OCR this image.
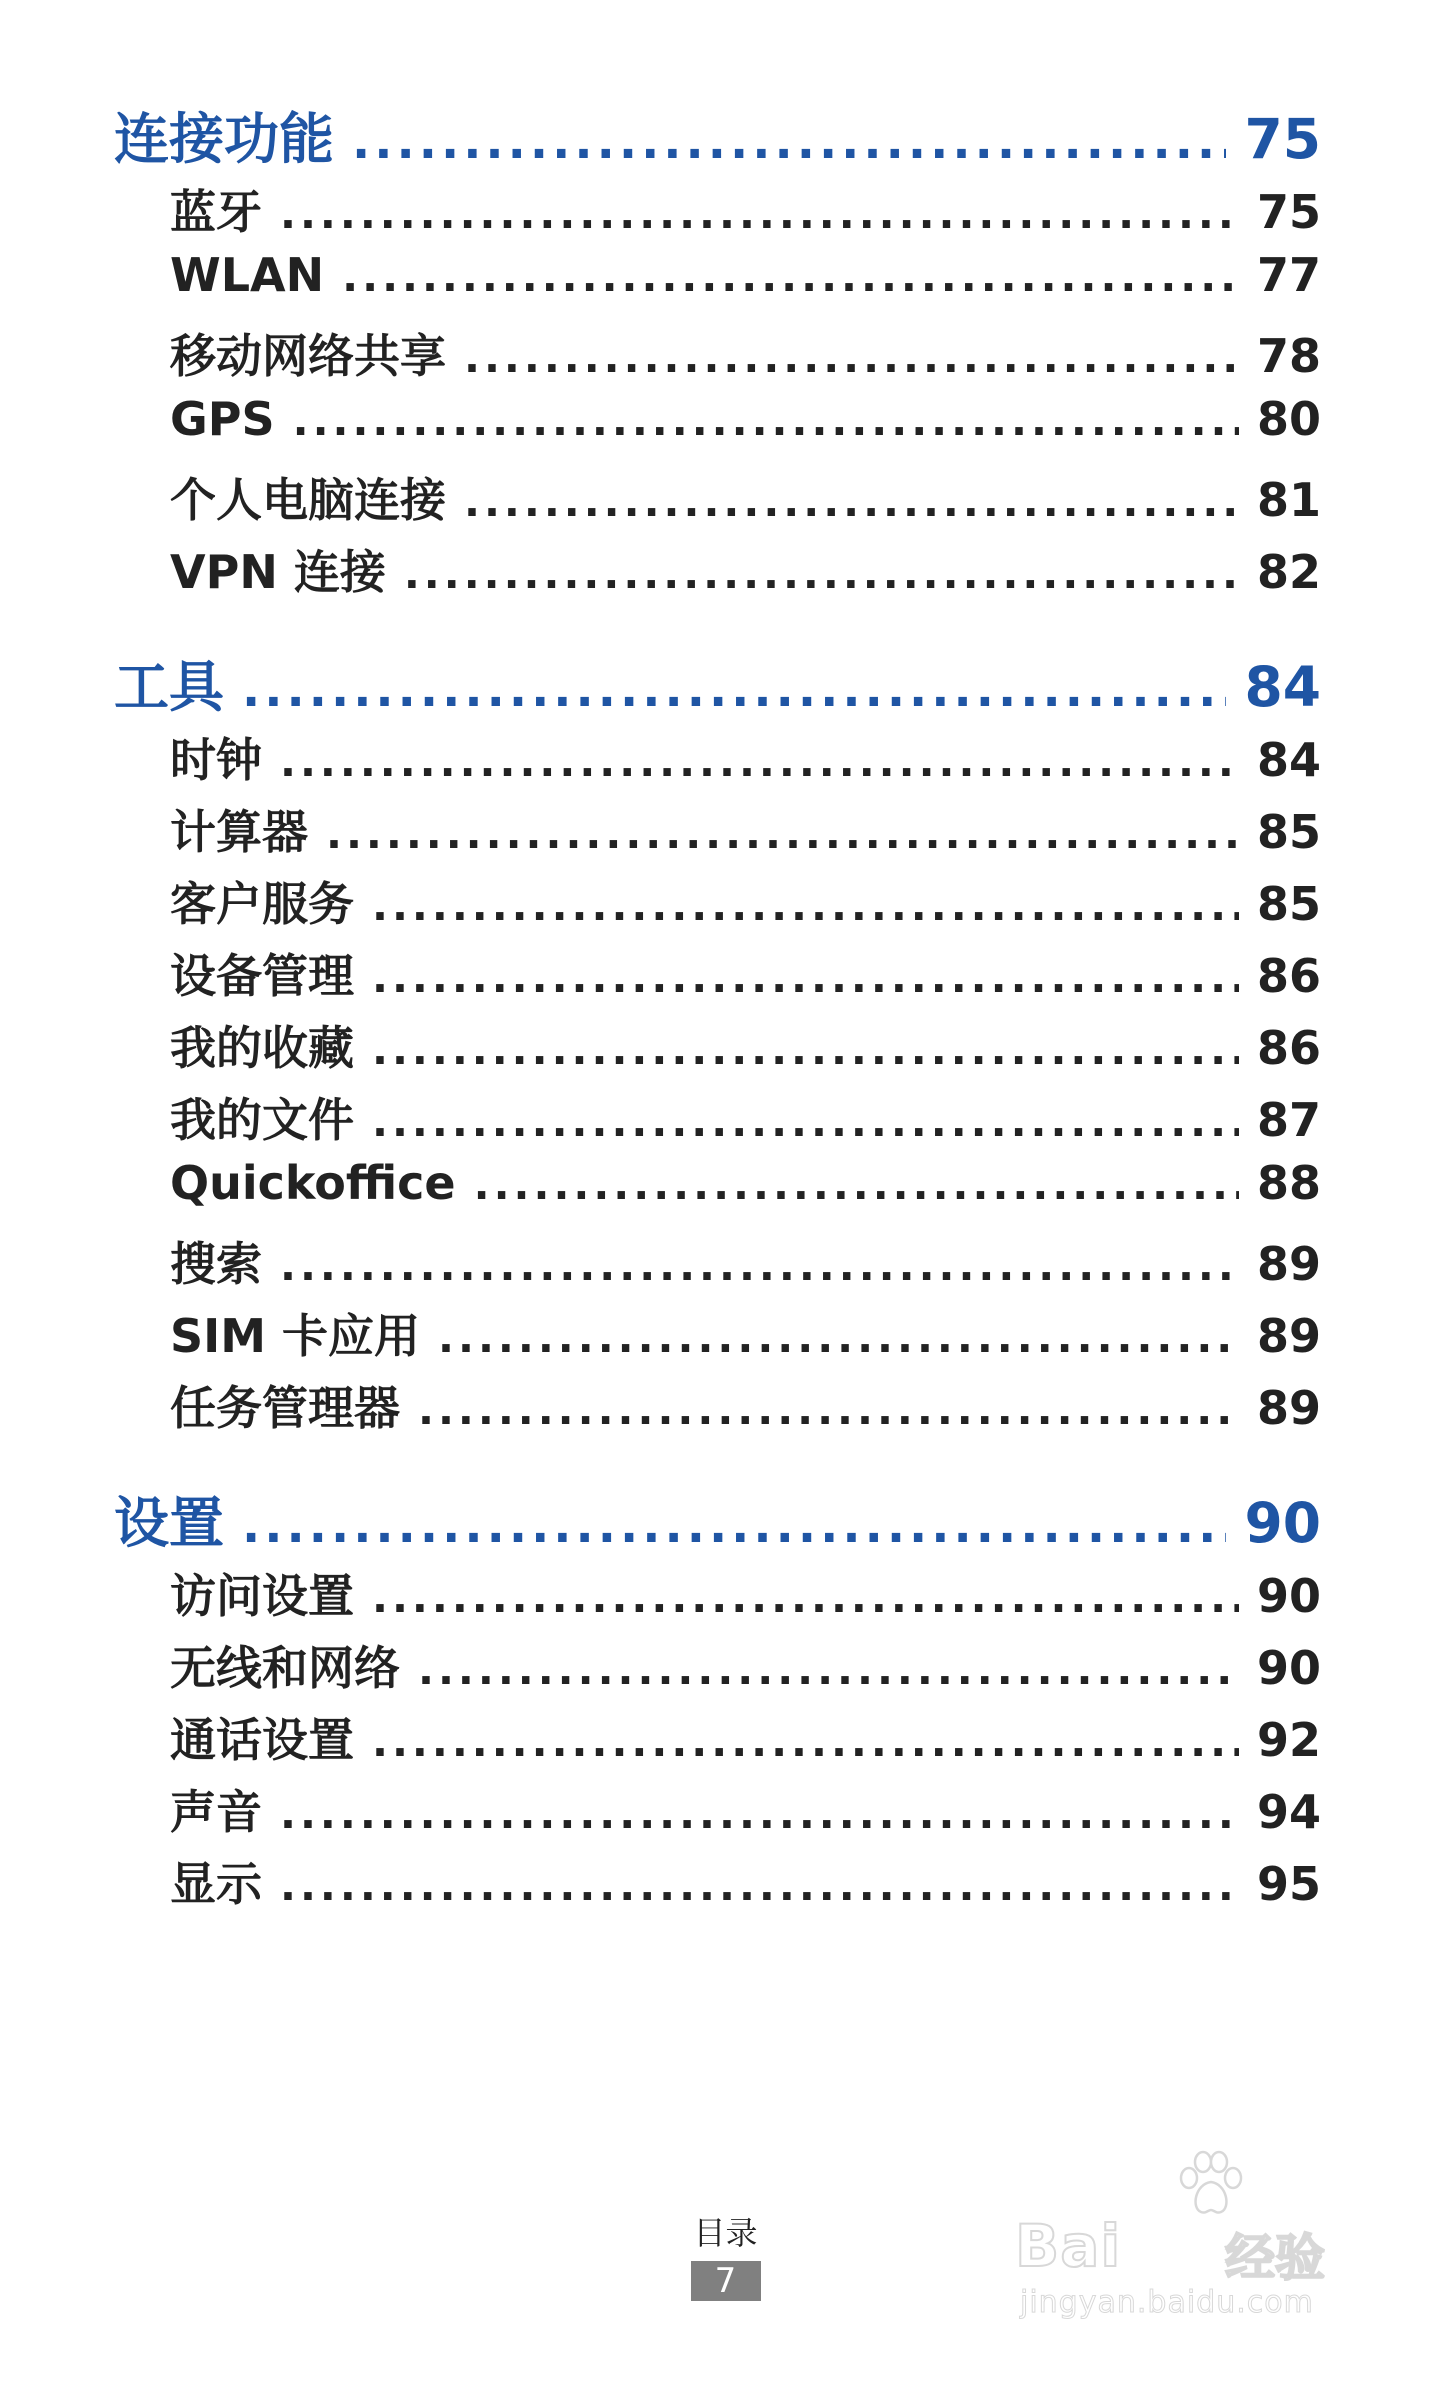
连接功能 .....	75
蓝牙 .....	75
WLAN .....	77
移动网络共享 .....	78
GPS .....	80
个人电脑连接 .....	81
VPN 连接 .....	82
工具 .....	84
时钟 .....	84
计算器 .....	85
客户服务 .....	85
设备管理 .....	86
我的收藏 .....	86
我的文件 .....	87
Quickoffice .....	88
搜索 .....	89
SIM 卡应用 .....	89
任务管理器 .....	89
设置 .....	90
访问设置 .....	90
无线和网络 .....	90
通话设置 .....	92
声音 .....	94
显示 .....	95
目录
7
Bai 经验
jingyan.baidu.com
